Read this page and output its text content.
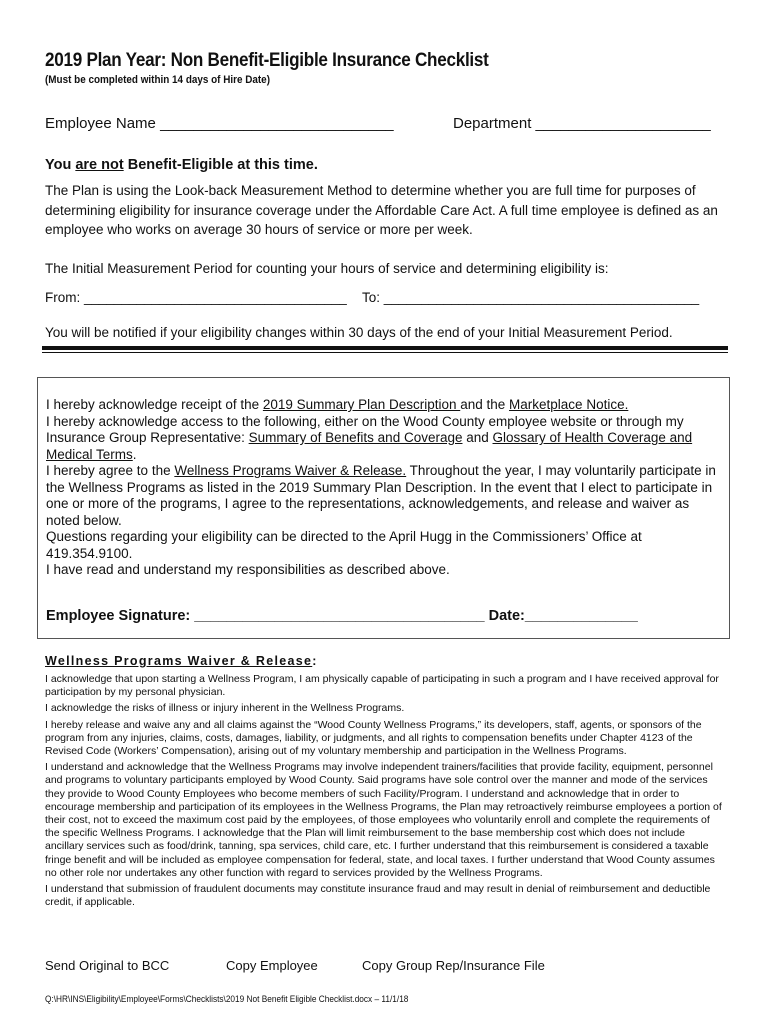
2019 Plan Year: Non Benefit-Eligible Insurance Checklist
(Must be completed within 14 days of Hire Date)
Employee Name ____________________________	Department _____________________
You are not Benefit-Eligible at this time.
The Plan is using the Look-back Measurement Method to determine whether you are full time for purposes of determining eligibility for insurance coverage under the Affordable Care Act. A full time employee is defined as an employee who works on average 30 hours of service or more per week.
The Initial Measurement Period for counting your hours of service and determining eligibility is:
From: ___________________________________ To: __________________________________________
You will be notified if your eligibility changes within 30 days of the end of your Initial Measurement Period.

I hereby acknowledge receipt of the 2019 Summary Plan Description and the Marketplace Notice.

I hereby acknowledge access to the following, either on the Wood County employee website or through my Insurance Group Representative: Summary of Benefits and Coverage and Glossary of Health Coverage and Medical Terms.

I hereby agree to the Wellness Programs Waiver & Release. Throughout the year, I may voluntarily participate in the Wellness Programs as listed in the 2019 Summary Plan Description. In the event that I elect to participate in one or more of the programs, I agree to the representations, acknowledgements, and release and waiver as noted below.

Questions regarding your eligibility can be directed to the April Hugg in the Commissioners’ Office at 419.354.9100.

I have read and understand my responsibilities as described above.

Employee Signature: ____________________________________ Date:______________
Wellness Programs Waiver & Release:

I acknowledge that upon starting a Wellness Program, I am physically capable of participating in such a program and I have received approval for participation by my personal physician.

I acknowledge the risks of illness or injury inherent in the Wellness Programs.

I hereby release and waive any and all claims against the “Wood County Wellness Programs,” its developers, staff, agents, or sponsors of the program from any injuries, claims, costs, damages, liability, or judgments, and all rights to compensation benefits under Chapter 4123 of the Revised Code (Workers’ Compensation), arising out of my voluntary membership and participation in the Wellness Programs.

I understand and acknowledge that the Wellness Programs may involve independent trainers/facilities that provide facility, equipment, personnel and programs to voluntary participants employed by Wood County. Said programs have sole control over the manner and mode of the services they provide to Wood County Employees who become members of such Facility/Program. I understand and acknowledge that in order to encourage membership and participation of its employees in the Wellness Programs, the Plan may retroactively reimburse employees a portion of their cost, not to exceed the maximum cost paid by the employees, of those employees who voluntarily enroll and complete the requirements of the specific Wellness Programs. I acknowledge that the Plan will limit reimbursement to the base membership cost which does not include ancillary services such as food/drink, tanning, spa services, child care, etc. I further understand that this reimbursement is considered a taxable fringe benefit and will be included as employee compensation for federal, state, and local taxes. I further understand that Wood County assumes no other role nor undertakes any other function with regard to services provided by the Wellness Programs.

I understand that submission of fraudulent documents may constitute insurance fraud and may result in denial of reimbursement and deductible credit, if applicable.

Send Original to BCC	Copy Employee	Copy Group Rep/Insurance File
Q:\HR\INS\Eligibility\Employee\Forms\Checklists\2019 Not Benefit Eligible Checklist.docx – 11/1/18
